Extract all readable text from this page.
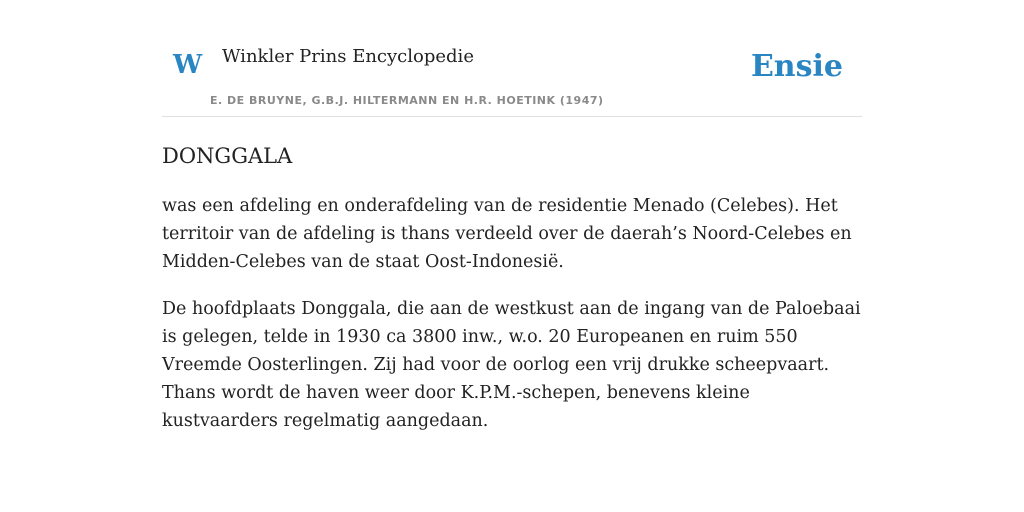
W Winkler Prins Encyclopedie
E. DE BRUYNE, G.B.J. HILTERMANN EN H.R. HOETINK (1947)
Ensie
DONGGALA

was een afdeling en onderafdeling van de residentie Menado (Celebes). Het territoir van de afdeling is thans verdeeld over de daerah’s Noord-Celebes en Midden-Celebes van de staat Oost-Indonesië.

De hoofdplaats Donggala, die aan de westkust aan de ingang van de Paloebaai is gelegen, telde in 1930 ca 3800 inw., w.o. 20 Europeanen en ruim 550 Vreemde Oosterlingen. Zij had voor de oorlog een vrij drukke scheepvaart. Thans wordt de haven weer door K.P.M.-schepen, benevens kleine kustvaarders regelmatig aangedaan.
